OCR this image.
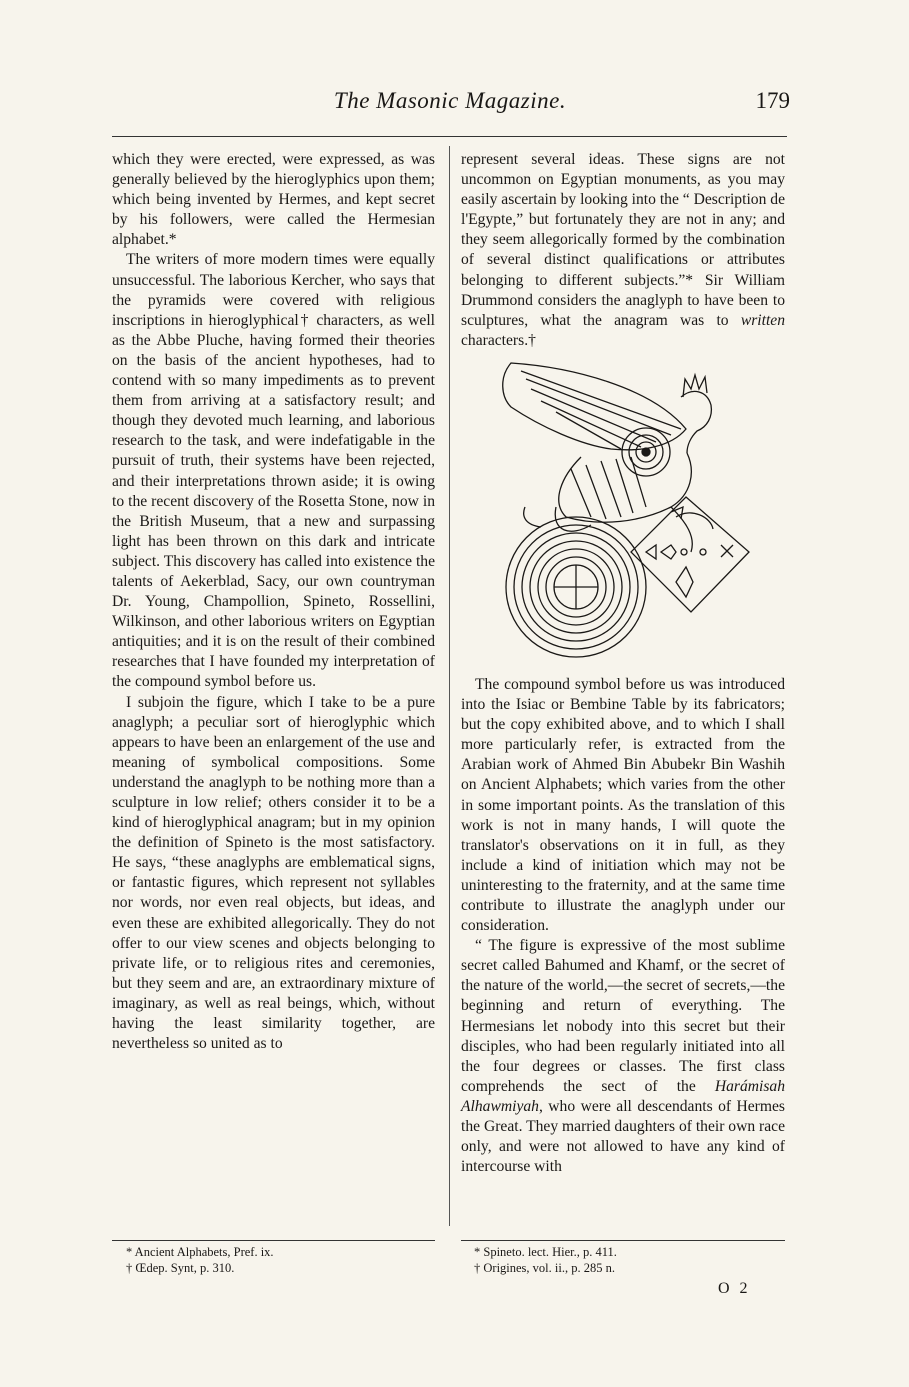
The Masonic Magazine.	179

which they were erected, were expressed, as was generally believed by the hieroglyphics upon them; which being invented by Hermes, and kept secret by his followers, were called the Hermesian alphabet.*

The writers of more modern times were equally unsuccessful. The laborious Kercher, who says that the pyramids were covered with religious inscriptions in hieroglyphical† characters, as well as the Abbe Pluche, having formed their theories on the basis of the ancient hypotheses, had to contend with so many impediments as to prevent them from arriving at a satisfactory result; and though they devoted much learning, and laborious research to the task, and were indefatigable in the pursuit of truth, their systems have been rejected, and their interpretations thrown aside; it is owing to the recent discovery of the Rosetta Stone, now in the British Museum, that a new and surpassing light has been thrown on this dark and intricate subject. This discovery has called into existence the talents of Aekerblad, Sacy, our own countryman Dr. Young, Champollion, Spineto, Rossellini, Wilkinson, and other laborious writers on Egyptian antiquities; and it is on the result of their combined researches that I have founded my interpretation of the compound symbol before us.

I subjoin the figure, which I take to be a pure anaglyph; a peculiar sort of hieroglyphic which appears to have been an enlargement of the use and meaning of symbolical compositions. Some understand the anaglyph to be nothing more than a sculpture in low relief; others consider it to be a kind of hieroglyphical anagram; but in my opinion the definition of Spineto is the most satisfactory. He says, “these anaglyphs are emblematical signs, or fantastic figures, which represent not syllables nor words, nor even real objects, but ideas, and even these are exhibited allegorically. They do not offer to our view scenes and objects belonging to private life, or to religious rites and ceremonies, but they seem and are, an extraordinary mixture of imaginary, as well as real beings, which, without having the least similarity together, are nevertheless so united as to

represent several ideas. These signs are not uncommon on Egyptian monuments, as you may easily ascertain by looking into the “ Description de l'Egypte,” but fortunately they are not in any; and they seem allegorically formed by the combination of several distinct qualifications or attributes belonging to different subjects.”* Sir William Drummond considers the anaglyph to have been to sculptures, what the anagram was to written characters.†

The compound symbol before us was introduced into the Isiac or Bembine Table by its fabricators; but the copy exhibited above, and to which I shall more particularly refer, is extracted from the Arabian work of Ahmed Bin Abubekr Bin Washih on Ancient Alphabets; which varies from the other in some important points. As the translation of this work is not in many hands, I will quote the translator's observations on it in full, as they include a kind of initiation which may not be uninteresting to the fraternity, and at the same time contribute to illustrate the anaglyph under our consideration.

“ The figure is expressive of the most sublime secret called Bahumed and Khamf, or the secret of the nature of the world,—the secret of secrets,—the beginning and return of everything. The Hermesians let nobody into this secret but their disciples, who had been regularly initiated into all the four degrees or classes. The first class comprehends the sect of the Harámisah Alhawmiyah, who were all descendants of Hermes the Great. They married daughters of their own race only, and were not allowed to have any kind of intercourse with

* Ancient Alphabets, Pref. ix.
† Œdep. Synt, p. 310.
* Spineto. lect. Hier., p. 411.
† Origines, vol. ii., p. 285 n.
O 2
